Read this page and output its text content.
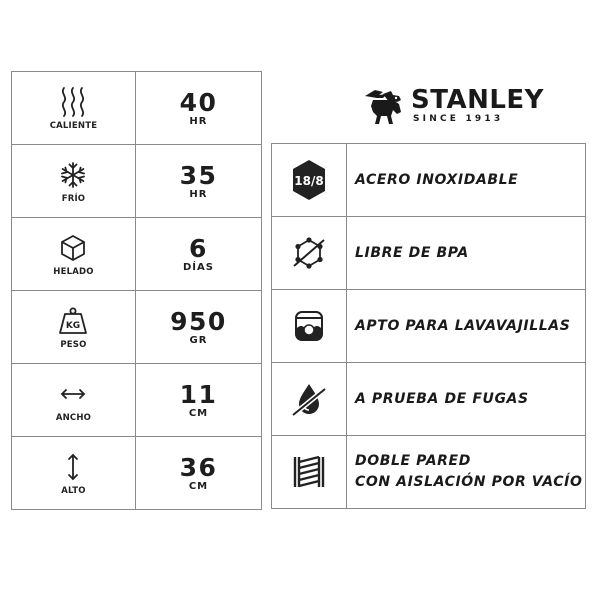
CALIENTE	40
HR

FRÍO	35
HR

HELADO	6
DÍAS

KG
PESO	950
GR

ANCHO	11
CM

ALTO	36
CM
STANLEY
SINCE 1913
18/8	ACERO INOXIDABLE

LIBRE DE BPA

APTO PARA LAVAVAJILLAS

A PRUEBA DE FUGAS

DOBLE PARED
CON AISLACIÓN POR VACÍO
